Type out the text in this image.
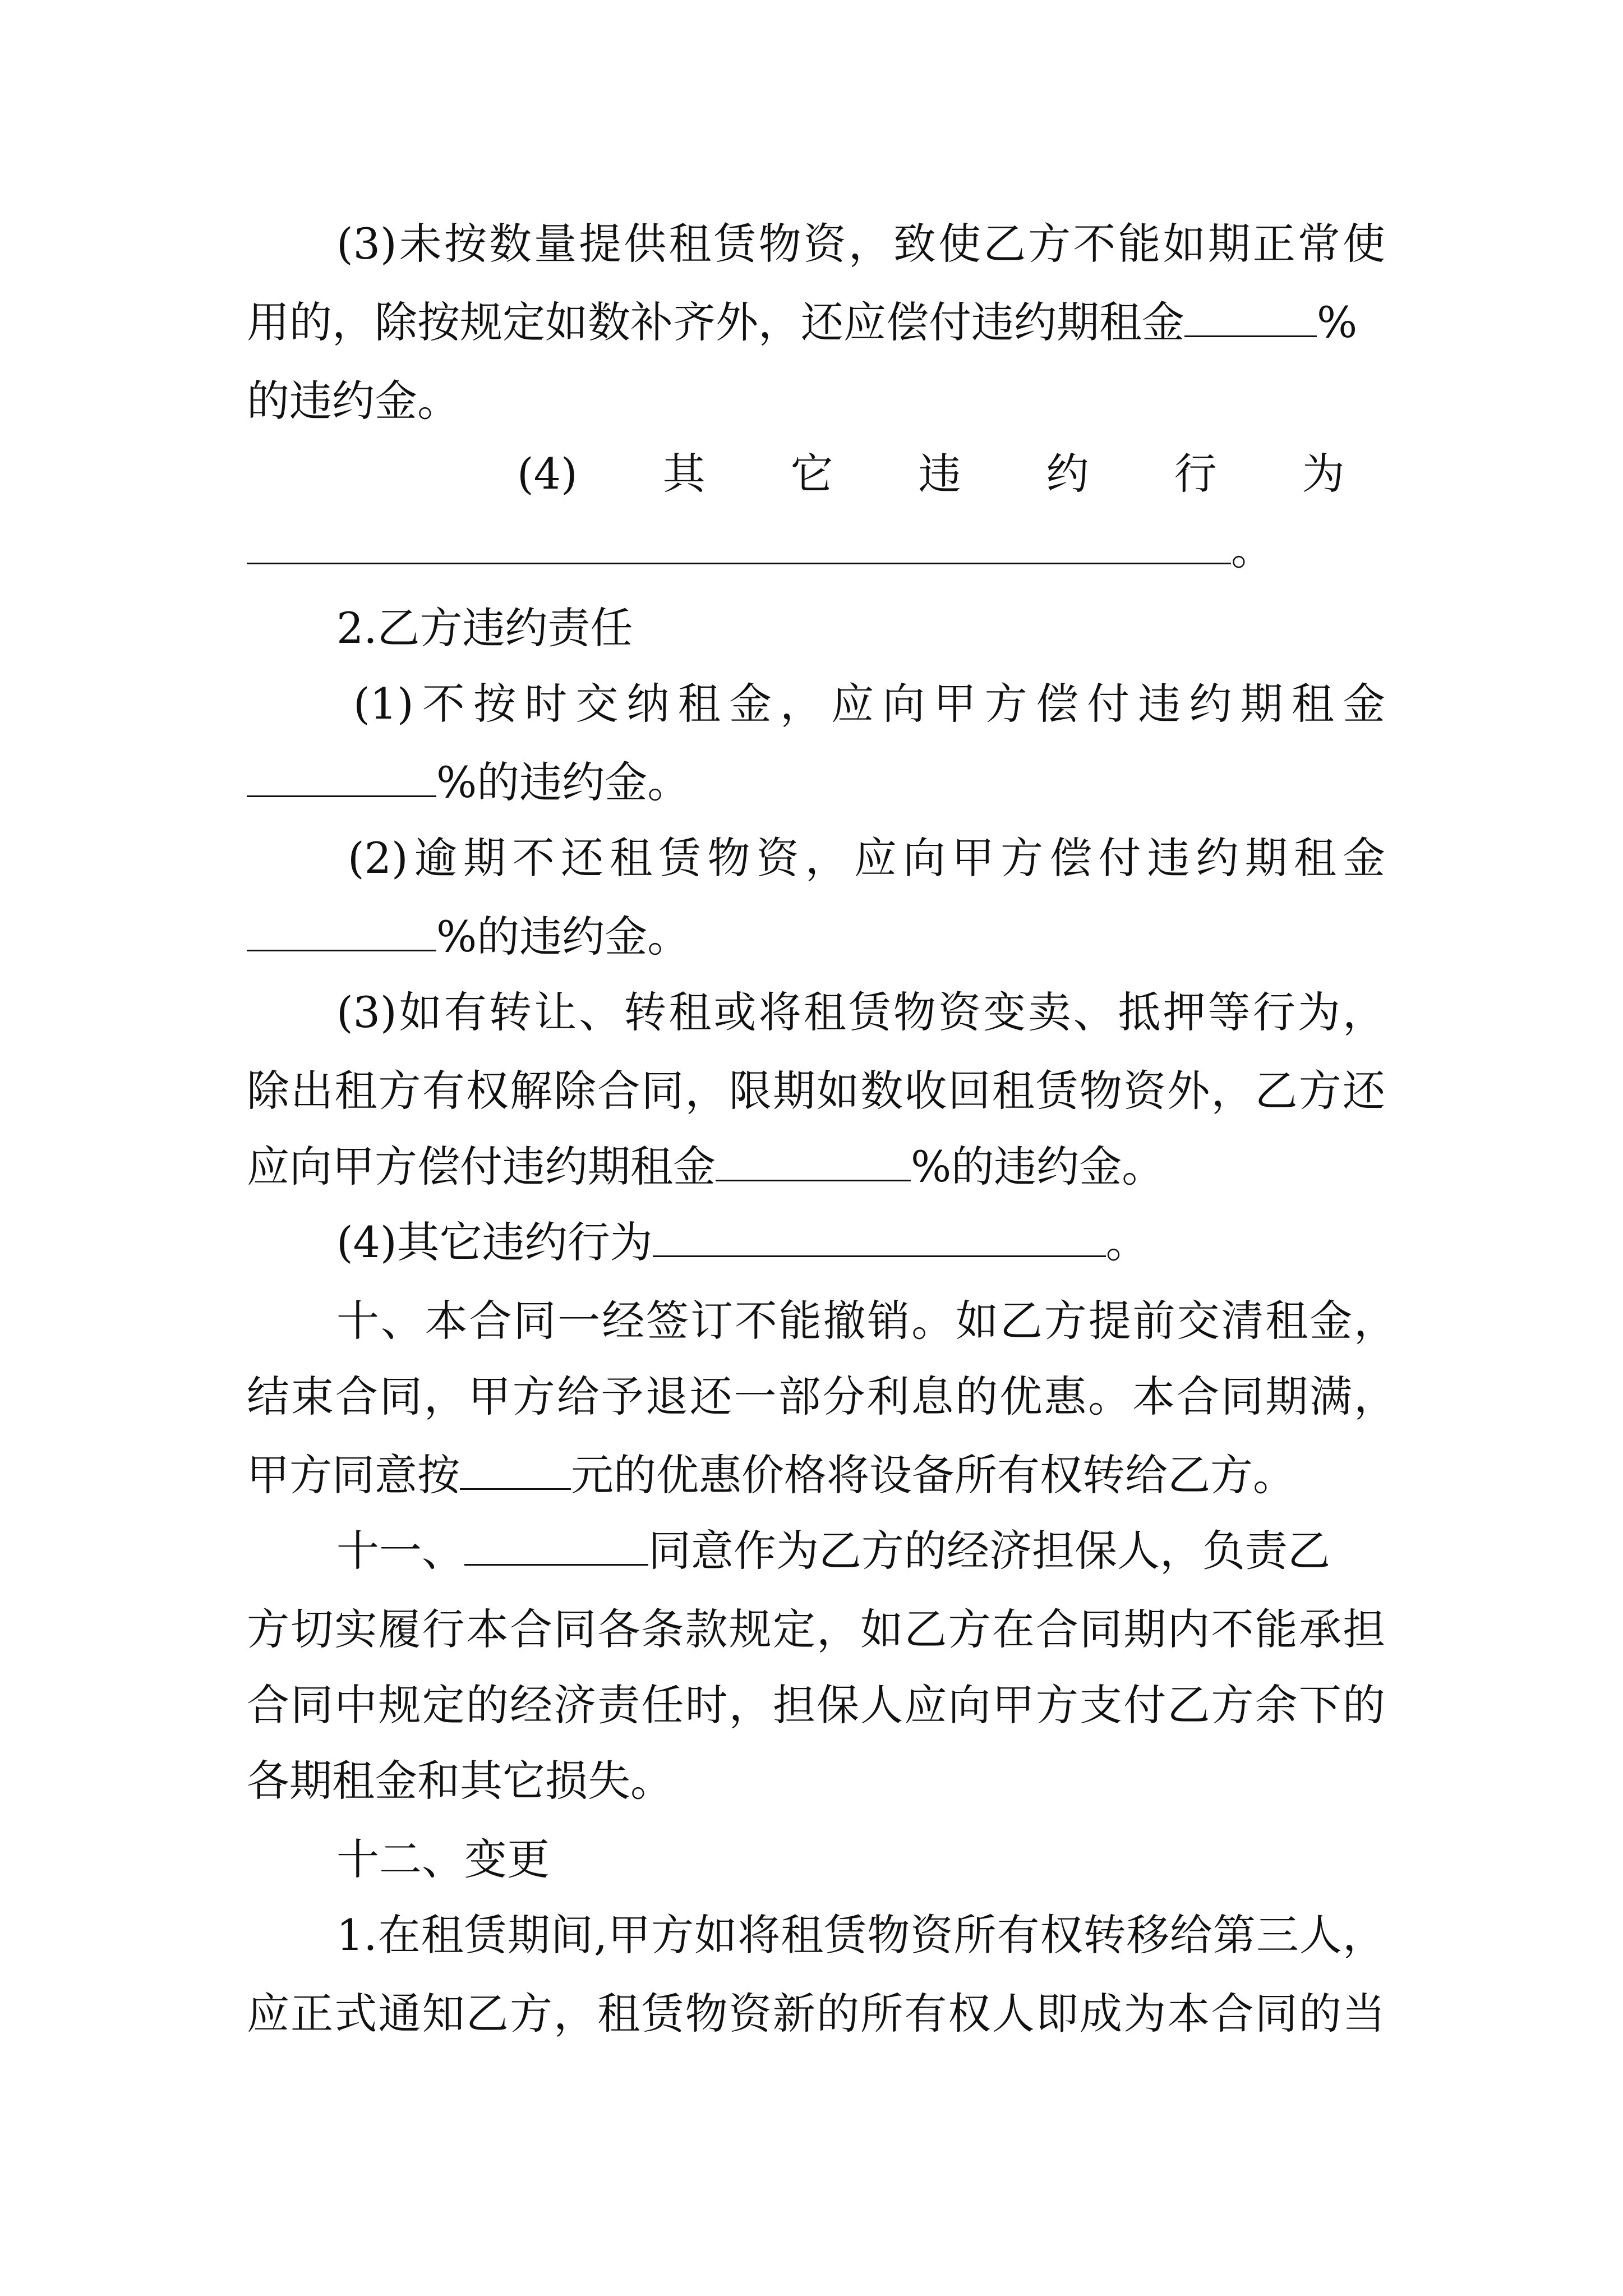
(3)未按数量提供租赁物资，致使乙方不能如期正常使
用的，除按规定如数补齐外，还应偿付违约期租金	%
的违约金。
(4)　　其　　它　　违　　约　　行　　为
。
2.乙方违约责任
(1)不按时交纳租金，应向甲方偿付违约期租金
%的违约金。
(2)逾期不还租赁物资，应向甲方偿付违约期租金
%的违约金。
(3)如有转让、转租或将租赁物资变卖、抵押等行为，
除出租方有权解除合同，限期如数收回租赁物资外，乙方还
应向甲方偿付违约期租金	%的违约金。
(4)其它违约行为	。
十、本合同一经签订不能撤销。如乙方提前交清租金，
结束合同，甲方给予退还一部分利息的优惠。本合同期满，
甲方同意按	元的优惠价格将设备所有权转给乙方。
十一、	同意作为乙方的经济担保人，负责乙
方切实履行本合同各条款规定，如乙方在合同期内不能承担
合同中规定的经济责任时，担保人应向甲方支付乙方余下的
各期租金和其它损失。
十二、变更
1.在租赁期间,甲方如将租赁物资所有权转移给第三人，
应正式通知乙方，租赁物资新的所有权人即成为本合同的当
